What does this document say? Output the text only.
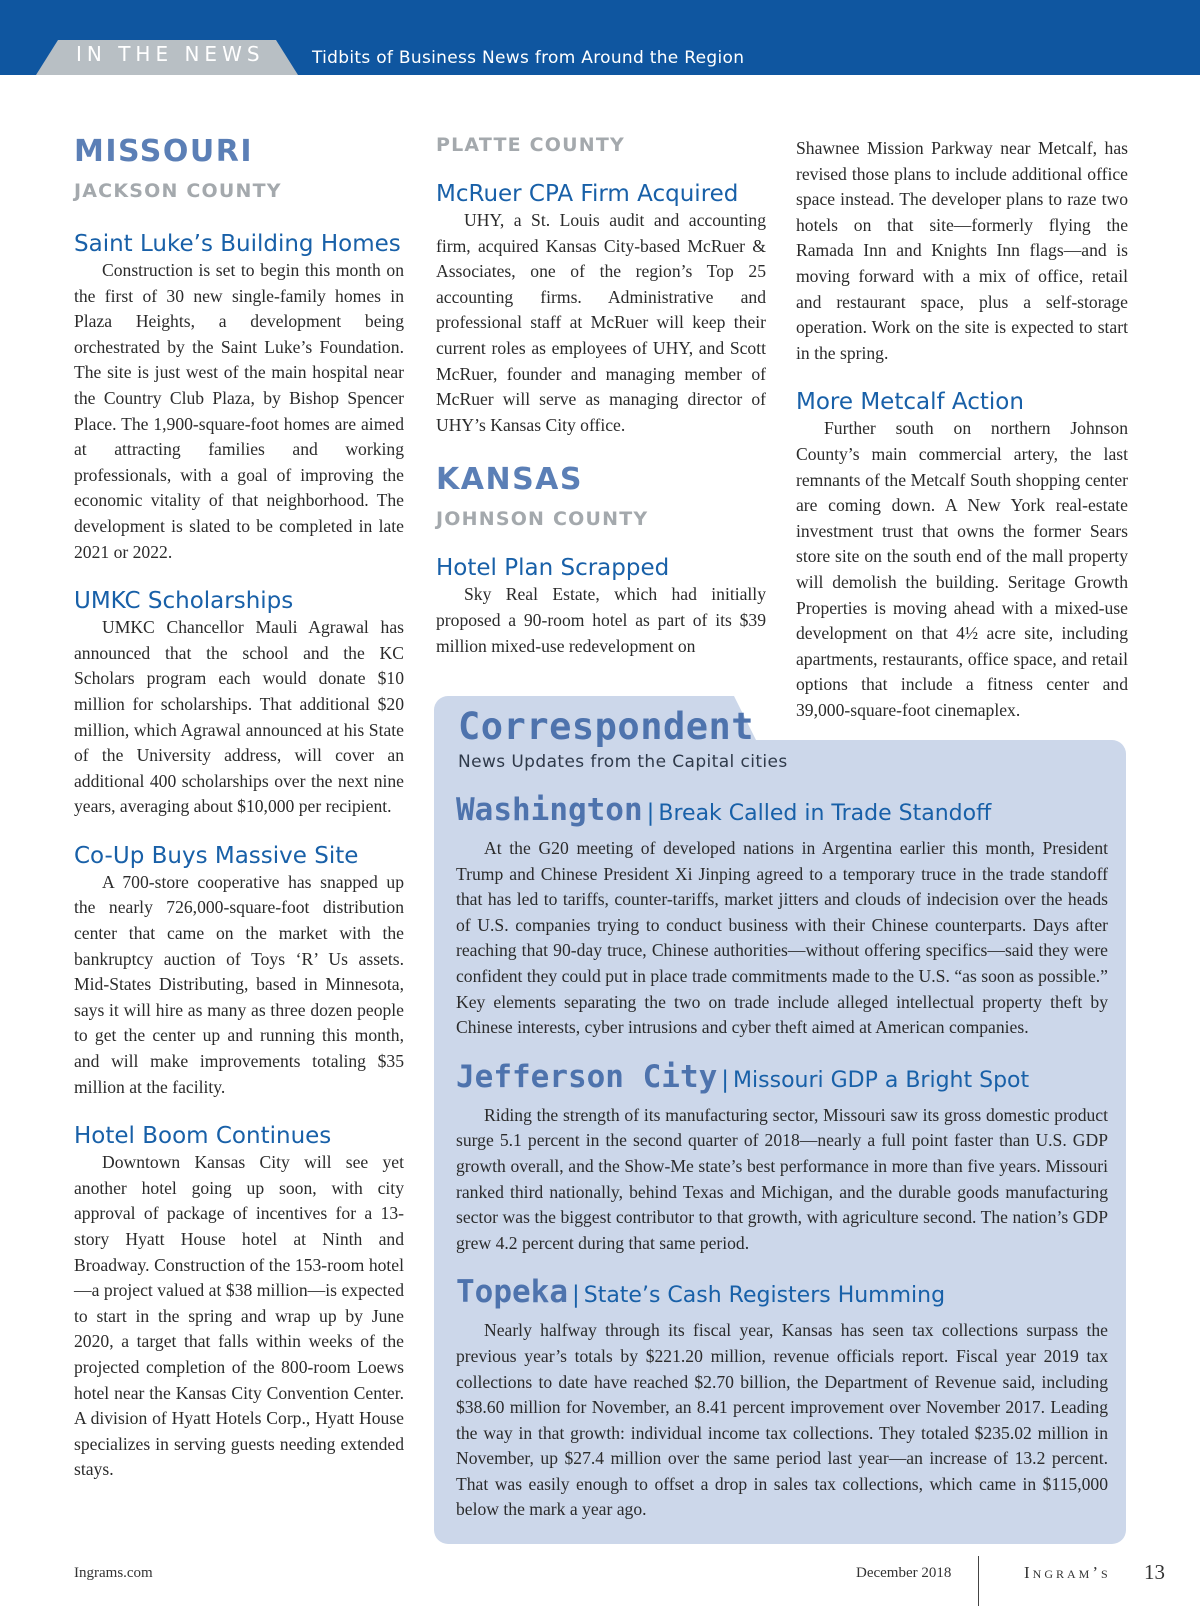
IN THE NEWS	Tidbits of Business News from Around the Region
MISSOURI
JACKSON COUNTY
Saint Luke’s Building Homes

Construction is set to begin this month on the first of 30 new single-family homes in Plaza Heights, a development being orchestrated by the Saint Luke’s Foundation. The site is just west of the main hospital near the Country Club Plaza, by Bishop Spencer Place. The 1,900-square-foot homes are aimed at attracting families and working professionals, with a goal of improving the economic vitality of that neighborhood. The development is slated to be completed in late 2021 or 2022.

UMKC Scholarships

UMKC Chancellor Mauli Agrawal has announced that the school and the KC Scholars program each would donate $10 million for scholarships. That additional $20 million, which Agrawal announced at his State of the University address, will cover an additional 400 scholarships over the next nine years, averaging about $10,000 per recipient.

Co-Up Buys Massive Site

A 700-store cooperative has snapped up the nearly 726,000-square-foot distribution center that came on the market with the bankruptcy auction of Toys ‘R’ Us assets. Mid-States Distributing, based in Minnesota, says it will hire as many as three dozen people to get the center up and running this month, and will make improvements totaling $35 million at the facility.

Hotel Boom Continues

Downtown Kansas City will see yet another hotel going up soon, with city approval of package of incentives for a 13-story Hyatt House hotel at Ninth and Broadway. Construction of the 153-room hotel—a project valued at $38 million—is expected to start in the spring and wrap up by June 2020, a target that falls within weeks of the projected completion of the 800-room Loews hotel near the Kansas City Convention Center. A division of Hyatt Hotels Corp., Hyatt House specializes in serving guests needing extended stays.

PLATTE COUNTY
McRuer CPA Firm Acquired

UHY, a St. Louis audit and accounting firm, acquired Kansas City-based McRuer & Associates, one of the region’s Top 25 accounting firms. Administrative and professional staff at McRuer will keep their current roles as employees of UHY, and Scott McRuer, founder and managing member of McRuer will serve as managing director of UHY’s Kansas City office.

KANSAS
JOHNSON COUNTY
Hotel Plan Scrapped

Sky Real Estate, which had initially proposed a 90-room hotel as part of its $39 million mixed-use redevelopment on

Shawnee Mission Parkway near Metcalf, has revised those plans to include additional office space instead. The developer plans to raze two hotels on that site—formerly flying the Ramada Inn and Knights Inn flags—and is moving forward with a mix of office, retail and restaurant space, plus a self-storage operation. Work on the site is expected to start in the spring.

More Metcalf Action

Further south on northern Johnson County’s main commercial artery, the last remnants of the Metcalf South shopping center are coming down. A New York real-estate investment trust that owns the former Sears store site on the south end of the mall property will demolish the building. Seritage Growth Properties is moving ahead with a mixed-use development on that 4½ acre site, including apartments, restaurants, office space, and retail options that include a fitness center and 39,000-square-foot cinemaplex.

Correspondent
News Updates from the Capital cities

Washington | Break Called in Trade Standoff

At the G20 meeting of developed nations in Argentina earlier this month, President Trump and Chinese President Xi Jinping agreed to a temporary truce in the trade standoff that has led to tariffs, counter-tariffs, market jitters and clouds of indecision over the heads of U.S. companies trying to conduct business with their Chinese counterparts. Days after reaching that 90-day truce, Chinese authorities—without offering specifics—said they were confident they could put in place trade commitments made to the U.S. “as soon as possible.” Key elements separating the two on trade include alleged intellectual property theft by Chinese interests, cyber intrusions and cyber theft aimed at American companies.

Jefferson City | Missouri GDP a Bright Spot

Riding the strength of its manufacturing sector, Missouri saw its gross domestic product surge 5.1 percent in the second quarter of 2018—nearly a full point faster than U.S. GDP growth overall, and the Show-Me state’s best performance in more than five years. Missouri ranked third nationally, behind Texas and Michigan, and the durable goods manufacturing sector was the biggest contributor to that growth, with agriculture second. The nation’s GDP grew 4.2 percent during that same period.

Topeka | State’s Cash Registers Humming

Nearly halfway through its fiscal year, Kansas has seen tax collections surpass the previous year’s totals by $221.20 million, revenue officials report. Fiscal year 2019 tax collections to date have reached $2.70 billion, the Department of Revenue said, including $38.60 million for November, an 8.41 percent improvement over November 2017. Leading the way in that growth: individual income tax collections. They totaled $235.02 million in November, up $27.4 million over the same period last year—an increase of 13.2 percent. That was easily enough to offset a drop in sales tax collections, which came in $115,000 below the mark a year ago.

Ingrams.com	December 2018	Ingram’s 13
